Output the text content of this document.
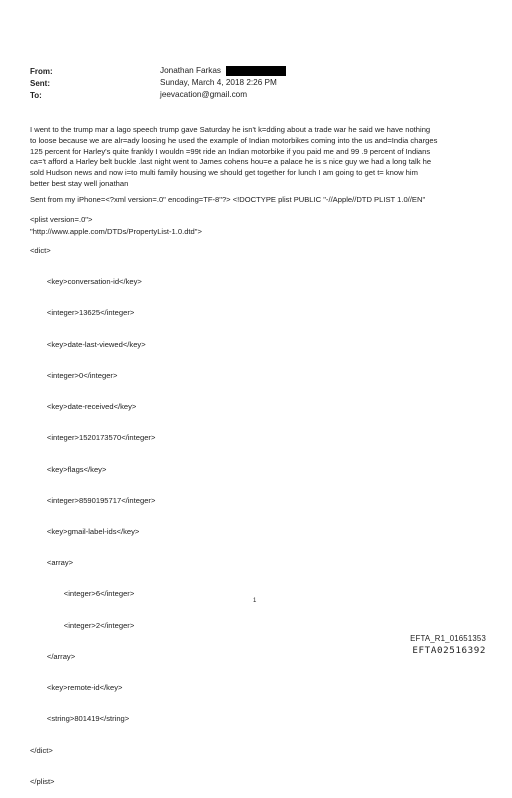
From:	Jonathan Farkas
Sent:	Sunday, March 4, 2018 2:26 PM
To:	jeevacation@gmail.com
I went to the trump mar a lago speech trump gave Saturday he isn't k=dding about a trade war he said we have nothing
to loose because we are alr=ady loosing he used the example of Indian motorbikes coming into the us and=India charges
125 percent for Harley's quite frankly I wouldn =99t ride an Indian motorbike if you paid me and 99 .9 percent of Indians
ca='t afford a Harley belt buckle .last night went to James cohens hou=e a palace he is s nice guy we had a long talk he
sold Hudson news and now i=to multi family housing we should get together for lunch I am going to get t= know him
better best stay well jonathan

Sent from my iPhone=<?xml version=.0" encoding=TF-8"?> <!DOCTYPE plist PUBLIC "-//Apple//DTD PLIST 1.0//EN"

"http://www.apple.com/DTDs/PropertyList-1.0.dtd">

<plist version=.0">

<dict>

<key>conversation-id</key>

<integer>13625</integer>

<key>date-last-viewed</key>

<integer>0</integer>

<key>date-received</key>

<integer>1520173570</integer>

<key>flags</key>

<integer>8590195717</integer>

<key>gmail-label-ids</key>

<array>

<integer>6</integer>

<integer>2</integer>

</array>

<key>remote-id</key>

<string>801419</string>

</dict>

</plist>

1
EFTA_R1_01651353
EFTA02516392
